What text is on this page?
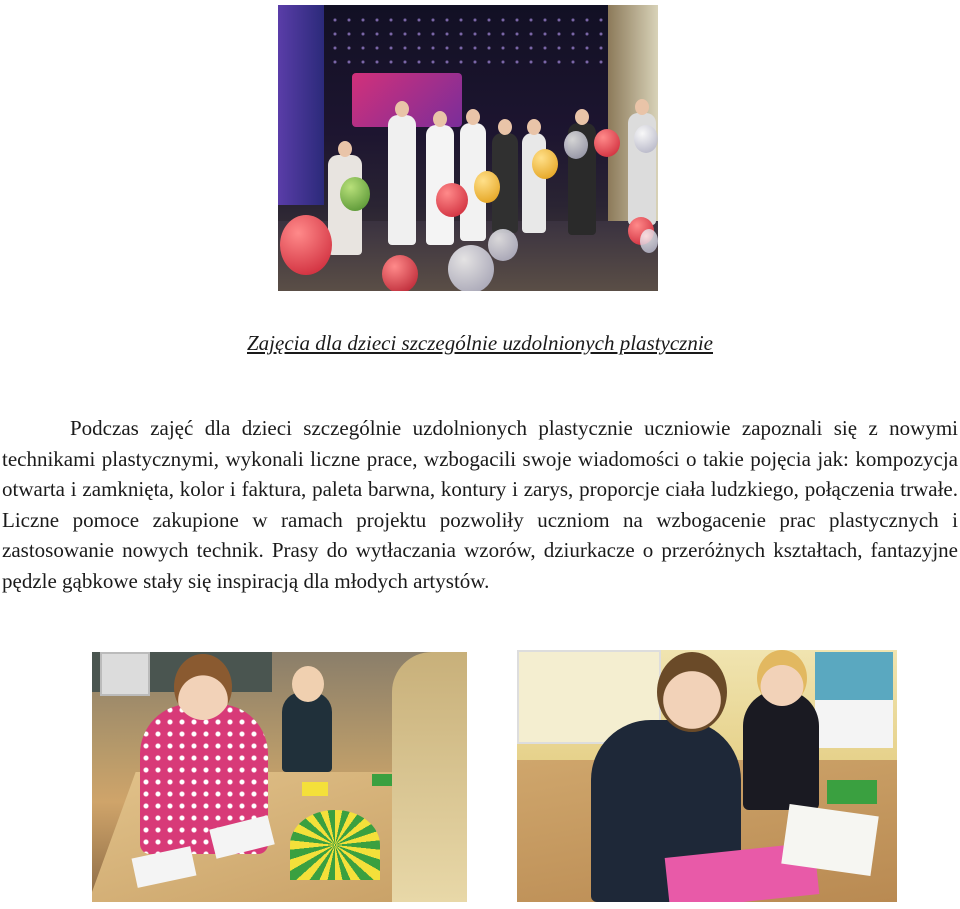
Zajęcia dla dzieci szczególnie uzdolnionych plastycznie

Podczas zajęć dla dzieci szczególnie uzdolnionych plastycznie uczniowie zapoznali się z nowymi technikami plastycznymi, wykonali liczne prace, wzbogacili swoje wiadomości o takie pojęcia jak: kompozycja otwarta i zamknięta, kolor i faktura, paleta barwna, kontury i zarys, proporcje ciała ludzkiego, połączenia trwałe. Liczne pomoce zakupione w ramach projektu pozwoliły uczniom na wzbogacenie prac plastycznych i zastosowanie nowych technik. Prasy do wytłaczania wzorów, dziurkacze o przeróżnych kształtach, fantazyjne pędzle gąbkowe stały się inspiracją dla młodych artystów.
